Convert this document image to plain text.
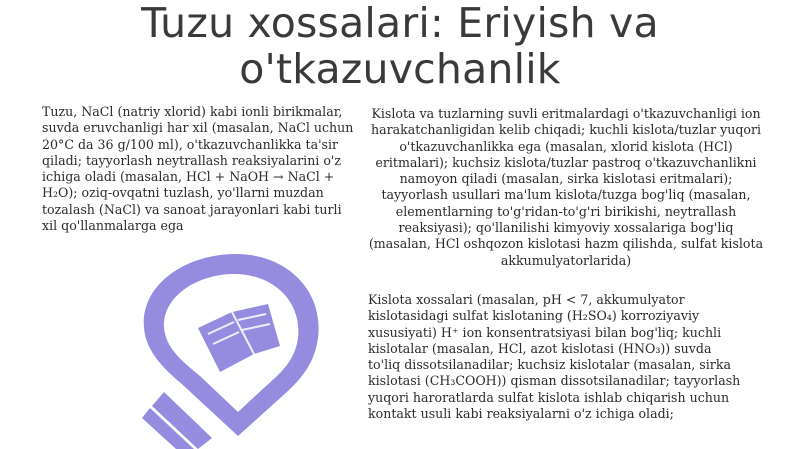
Tuzu xossalari: Eriyish va o'tkazuvchanlik

Tuzu, NaCl (natriy xlorid) kabi ionli birikmalar, suvda eruvchanligi har xil (masalan, NaCl uchun 20°C da 36 g/100 ml), o'tkazuvchanlikka ta'sir qiladi; tayyorlash neytrallash reaksiyalarini o'z ichiga oladi (masalan, HCl + NaOH → NaCl + H₂O); oziq-ovqatni tuzlash, yo'llarni muzdan tozalash (NaCl) va sanoat jarayonlari kabi turli xil qo'llanmalarga ega

Kislota va tuzlarning suvli eritmalardagi o'tkazuvchanligi ion harakatchanligidan kelib chiqadi; kuchli kislota/tuzlar yuqori o'tkazuvchanlikka ega (masalan, xlorid kislota (HCl) eritmalari); kuchsiz kislota/tuzlar pastroq o'tkazuvchanlikni namoyon qiladi (masalan, sirka kislotasi eritmalari); tayyorlash usullari ma'lum kislota/tuzga bog'liq (masalan, elementlarning to'g'ridan-to'g'ri birikishi, neytrallash reaksiyasi); qo'llanilishi kimyoviy xossalariga bog'liq (masalan, HCl oshqozon kislotasi hazm qilishda, sulfat kislota akkumulyatorlarida)

Kislota xossalari (masalan, pH < 7, akkumulyator kislotasidagi sulfat kislotaning (H₂SO₄) korroziyaviy xususiyati) H⁺ ion konsentratsiyasi bilan bog'liq; kuchli kislotalar (masalan, HCl, azot kislotasi (HNO₃)) suvda to'liq dissotsilanadilar; kuchsiz kislotalar (masalan, sirka kislotasi (CH₃COOH)) qisman dissotsilanadilar; tayyorlash yuqori haroratlarda sulfat kislota ishlab chiqarish uchun kontakt usuli kabi reaksiyalarni o'z ichiga oladi;
